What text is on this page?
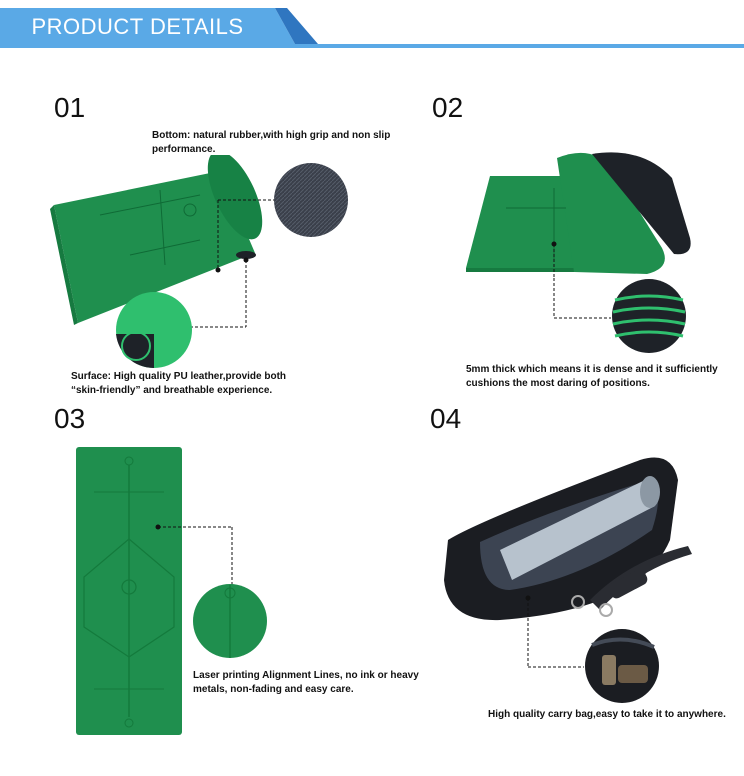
PRODUCT DETAILS
01
Bottom: natural rubber,with high grip and non slip performance.
Surface: High quality PU leather,provide both “skin-friendly” and breathable experience.
02
5mm thick which means it is dense and it sufficiently cushions the most daring of positions.
03
Laser printing Alignment Lines, no ink or heavy metals, non-fading and easy care.
04
High quality carry bag,easy to take it to anywhere.
